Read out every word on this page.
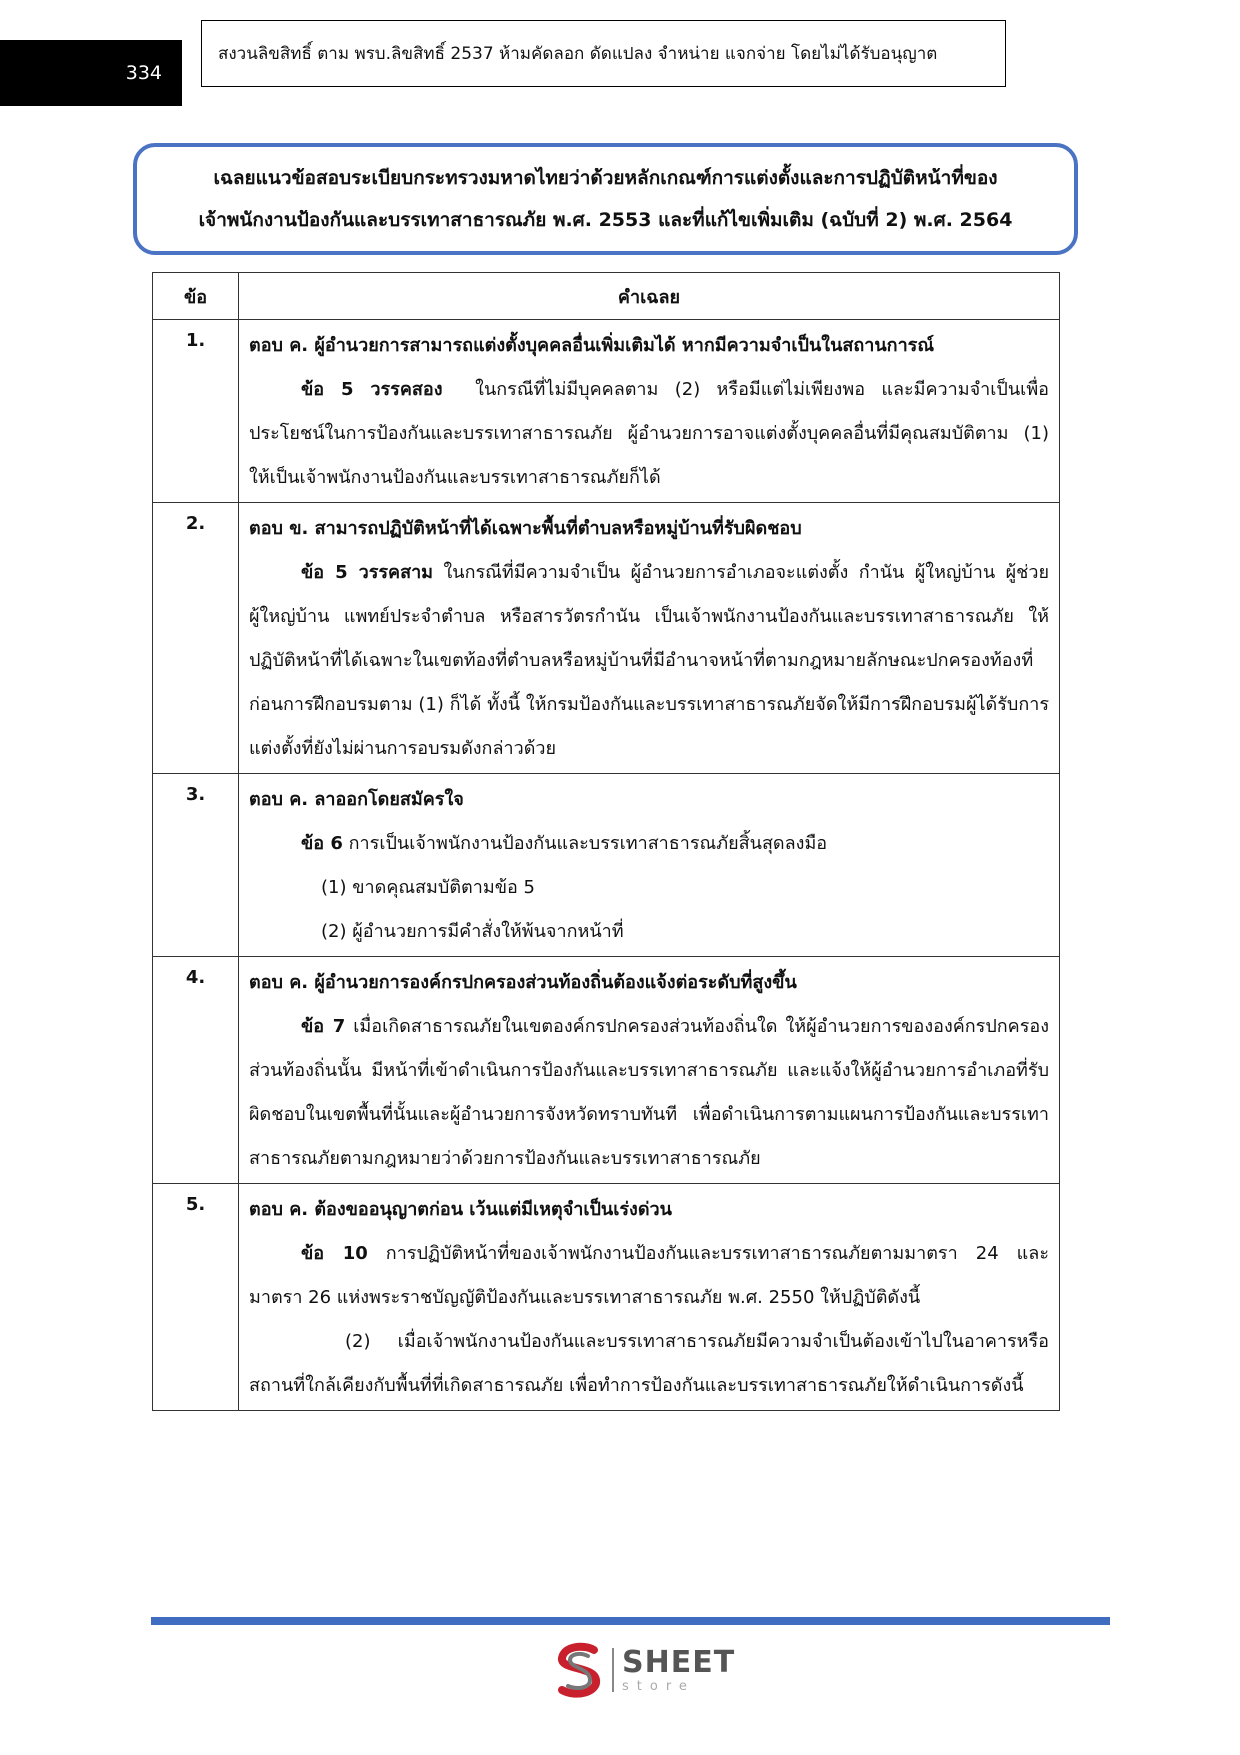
334
สงวนลิขสิทธิ์ ตาม พรบ.ลิขสิทธิ์ 2537 ห้ามคัดลอก ดัดแปลง จำหน่าย แจกจ่าย โดยไม่ได้รับอนุญาต
เฉลยแนวข้อสอบระเบียบกระทรวงมหาดไทยว่าด้วยหลักเกณฑ์การแต่งตั้งและการปฏิบัติหน้าที่ของ
เจ้าพนักงานป้องกันและบรรเทาสาธารณภัย พ.ศ. 2553 และที่แก้ไขเพิ่มเติม (ฉบับที่ 2) พ.ศ. 2564
ข้อ	คำเฉลย
1.	ตอบ ค. ผู้อำนวยการสามารถแต่งตั้งบุคคลอื่นเพิ่มเติมได้ หากมีความจำเป็นในสถานการณ์
ข้อ 5 วรรคสอง ในกรณีที่ไม่มีบุคคลตาม (2) หรือมีแต่ไม่เพียงพอ และมีความจำเป็นเพื่อประโยชน์ในการป้องกันและบรรเทาสาธารณภัย ผู้อำนวยการอาจแต่งตั้งบุคคลอื่นที่มีคุณสมบัติตาม (1) ให้เป็นเจ้าพนักงานป้องกันและบรรเทาสาธารณภัยก็ได้

2.	ตอบ ข. สามารถปฏิบัติหน้าที่ได้เฉพาะพื้นที่ตำบลหรือหมู่บ้านที่รับผิดชอบ
ข้อ 5 วรรคสาม ในกรณีที่มีความจำเป็น ผู้อำนวยการอำเภอจะแต่งตั้ง กำนัน ผู้ใหญ่บ้าน ผู้ช่วยผู้ใหญ่บ้าน แพทย์ประจำตำบล หรือสารวัตรกำนัน เป็นเจ้าพนักงานป้องกันและบรรเทาสาธารณภัย ให้ปฏิบัติหน้าที่ได้เฉพาะในเขตท้องที่ตำบลหรือหมู่บ้านที่มีอำนาจหน้าที่ตามกฎหมายลักษณะปกครองท้องที่ก่อนการฝึกอบรมตาม (1) ก็ได้ ทั้งนี้ ให้กรมป้องกันและบรรเทาสาธารณภัยจัดให้มีการฝึกอบรมผู้ได้รับการแต่งตั้งที่ยังไม่ผ่านการอบรมดังกล่าวด้วย

3.	ตอบ ค. ลาออกโดยสมัครใจ
ข้อ 6 การเป็นเจ้าพนักงานป้องกันและบรรเทาสาธารณภัยสิ้นสุดลงมือ
(1) ขาดคุณสมบัติตามข้อ 5
(2) ผู้อำนวยการมีคำสั่งให้พ้นจากหน้าที่

4.	ตอบ ค. ผู้อำนวยการองค์กรปกครองส่วนท้องถิ่นต้องแจ้งต่อระดับที่สูงขึ้น
ข้อ 7 เมื่อเกิดสาธารณภัยในเขตองค์กรปกครองส่วนท้องถิ่นใด ให้ผู้อำนวยการขององค์กรปกครองส่วนท้องถิ่นนั้น มีหน้าที่เข้าดำเนินการป้องกันและบรรเทาสาธารณภัย และแจ้งให้ผู้อำนวยการอำเภอที่รับผิดชอบในเขตพื้นที่นั้นและผู้อำนวยการจังหวัดทราบทันที เพื่อดำเนินการตามแผนการป้องกันและบรรเทาสาธารณภัยตามกฎหมายว่าด้วยการป้องกันและบรรเทาสาธารณภัย

5.	ตอบ ค. ต้องขออนุญาตก่อน เว้นแต่มีเหตุจำเป็นเร่งด่วน
ข้อ 10 การปฏิบัติหน้าที่ของเจ้าพนักงานป้องกันและบรรเทาสาธารณภัยตามมาตรา 24 และมาตรา 26 แห่งพระราชบัญญัติป้องกันและบรรเทาสาธารณภัย พ.ศ. 2550 ให้ปฏิบัติดังนี้
(2) เมื่อเจ้าพนักงานป้องกันและบรรเทาสาธารณภัยมีความจำเป็นต้องเข้าไปในอาคารหรือสถานที่ใกล้เคียงกับพื้นที่ที่เกิดสาธารณภัย เพื่อทำการป้องกันและบรรเทาสาธารณภัยให้ดำเนินการดังนี้
SHEET
store
